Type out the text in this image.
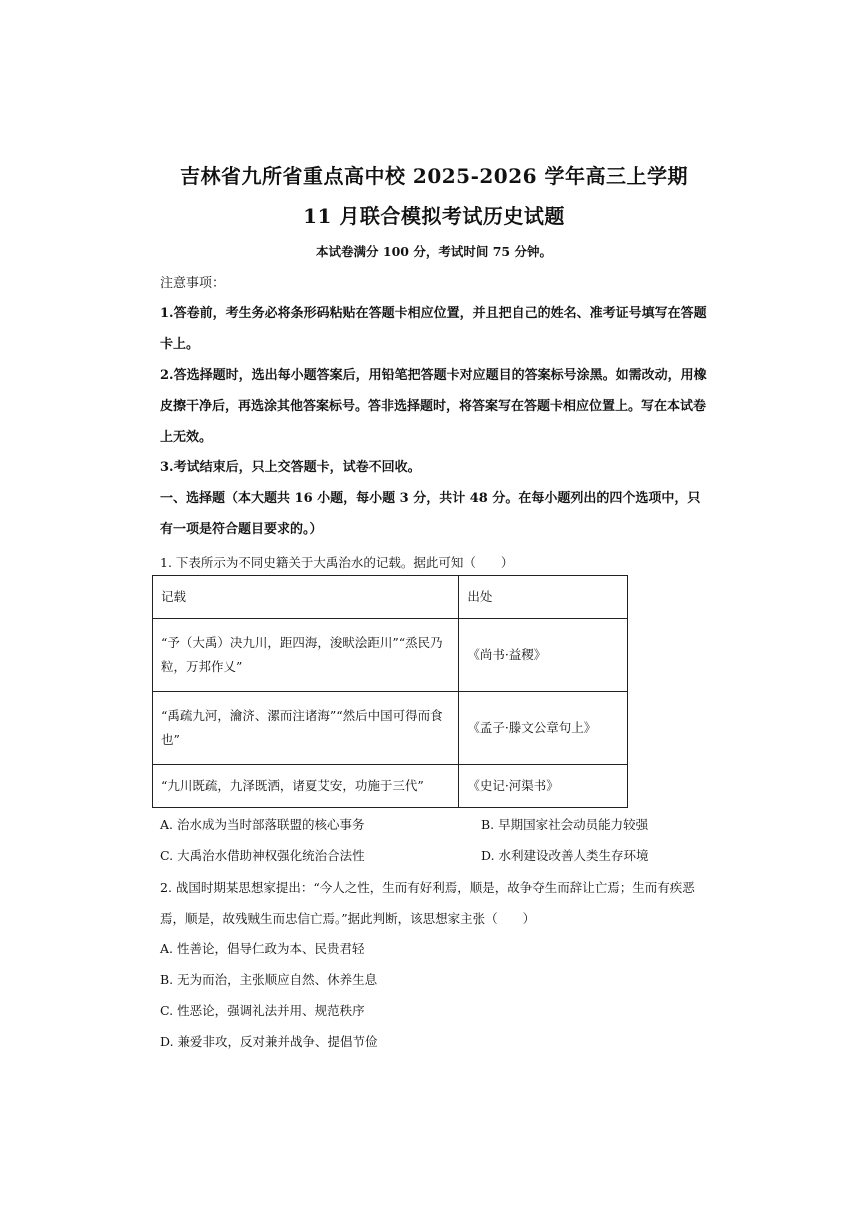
吉林省九所省重点高中校 2025-2026 学年高三上学期
11 月联合模拟考试历史试题
本试卷满分 100 分，考试时间 75 分钟。
注意事项：
1.答卷前，考生务必将条形码粘贴在答题卡相应位置，并且把自己的姓名、准考证号填写在答题卡上。
2.答选择题时，选出每小题答案后，用铅笔把答题卡对应题目的答案标号涂黑。如需改动，用橡皮擦干净后，再选涂其他答案标号。答非选择题时，将答案写在答题卡相应位置上。写在本试卷上无效。
3.考试结束后，只上交答题卡，试卷不回收。
一、选择题（本大题共 16 小题，每小题 3 分，共计 48 分。在每小题列出的四个选项中，只有一项是符合题目要求的。）
1. 下表所示为不同史籍关于大禹治水的记载。据此可知（　　）
记载	出处
“予（大禹）决九川，距四海，浚畎浍距川”“烝民乃粒，万邦作乂”	《尚书·益稷》
“禹疏九河，瀹济、漯而注诸海”“然后中国可得而食也”	《孟子·滕文公章句上》
“九川既疏，九泽既洒，诸夏艾安，功施于三代”	《史记·河渠书》
A. 治水成为当时部落联盟的核心事务	B. 早期国家社会动员能力较强
C. 大禹治水借助神权强化统治合法性	D. 水利建设改善人类生存环境
2. 战国时期某思想家提出：“今人之性，生而有好利焉，顺是，故争夺生而辞让亡焉；生而有疾恶焉，顺是，故残贼生而忠信亡焉。”据此判断，该思想家主张（　　）
A. 性善论，倡导仁政为本、民贵君轻
B. 无为而治，主张顺应自然、休养生息
C. 性恶论，强调礼法并用、规范秩序
D. 兼爱非攻，反对兼并战争、提倡节俭
